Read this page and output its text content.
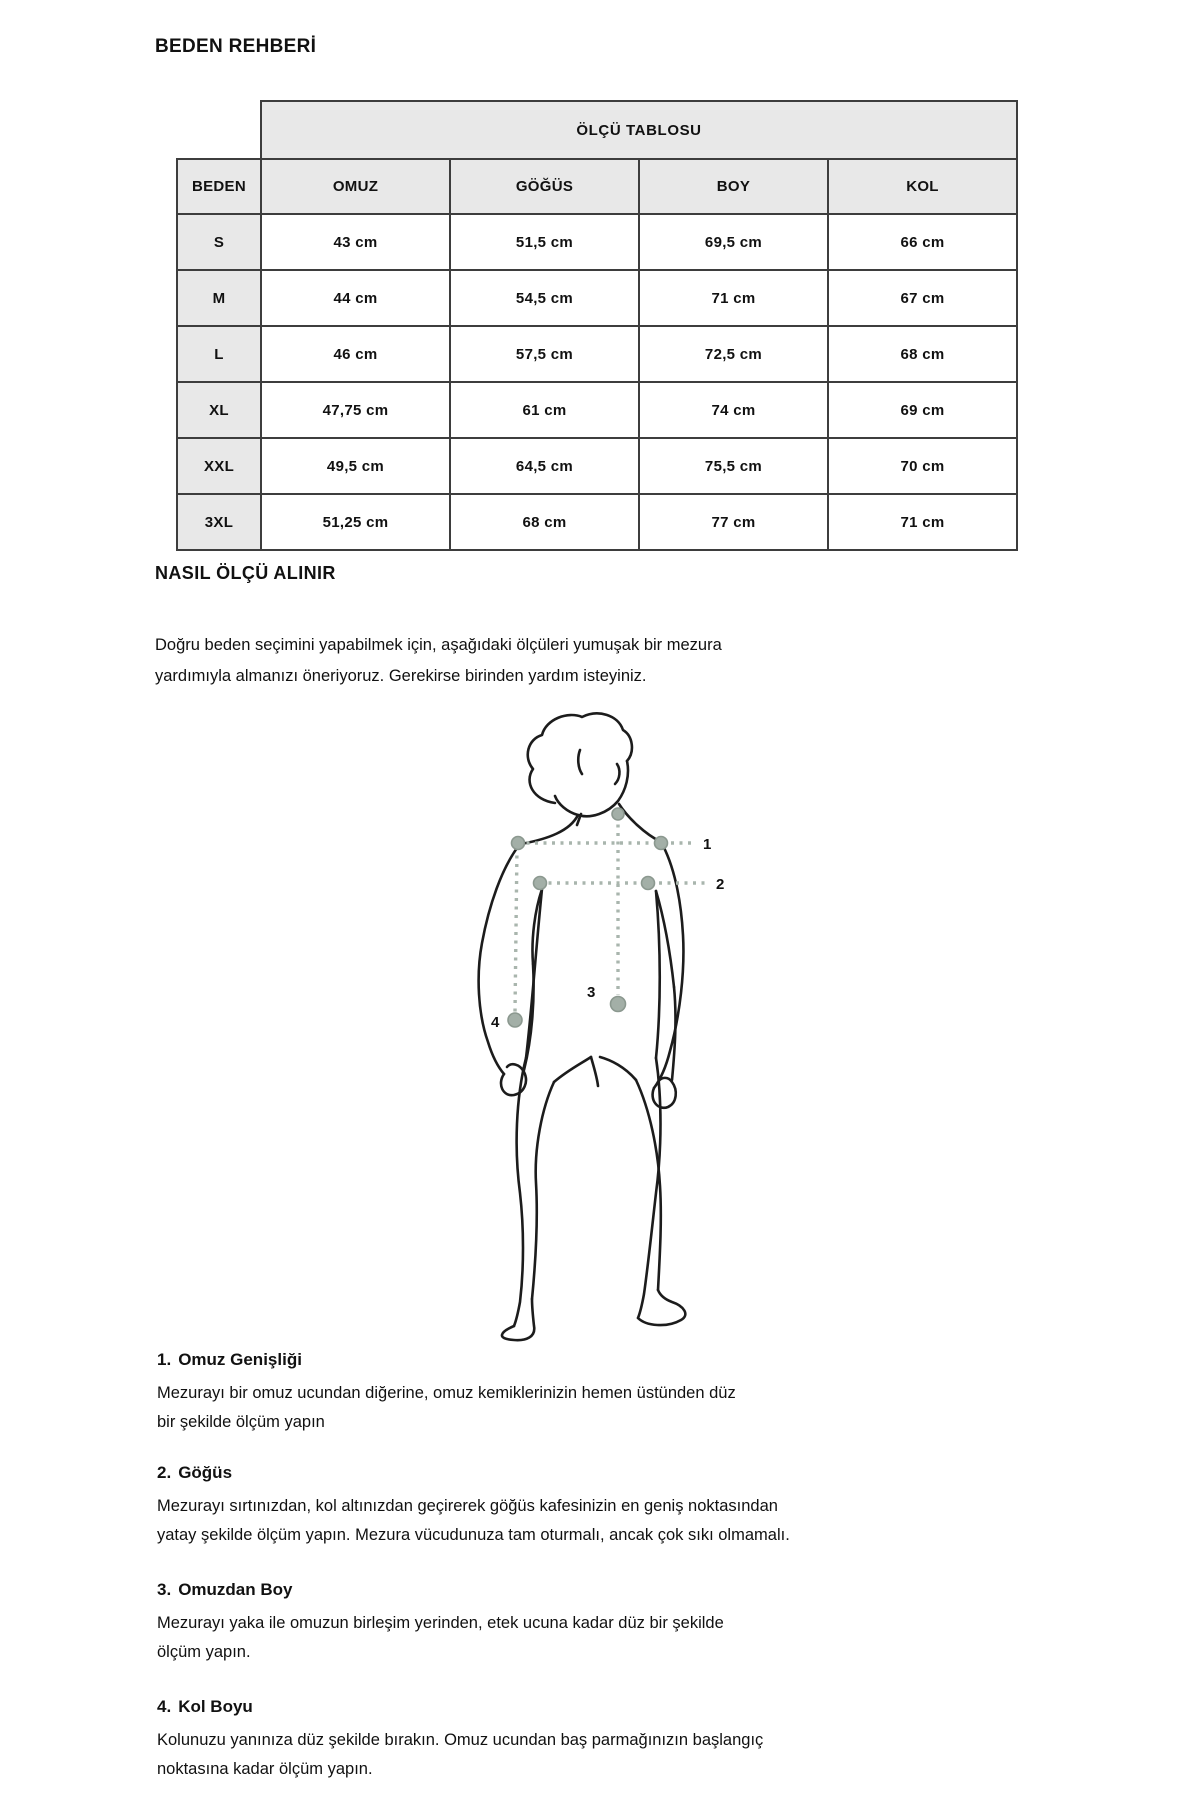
BEDEN REHBERİ
	ÖLÇÜ TABLOSU			
BEDEN	OMUZ	GÖĞÜS	BOY	KOL
S	43 cm	51,5 cm	69,5 cm	66 cm
M	44 cm	54,5 cm	71 cm	67 cm
L	46 cm	57,5 cm	72,5 cm	68 cm
XL	47,75 cm	61 cm	74 cm	69 cm
XXL	49,5 cm	64,5 cm	75,5 cm	70 cm
3XL	51,25 cm	68 cm	77 cm	71 cm
NASIL ÖLÇÜ ALINIR
Doğru beden seçimini yapabilmek için, aşağıdaki ölçüleri yumuşak bir mezura
yardımıyla almanızı öneriyoruz. Gerekirse birinden yardım isteyiniz.
1
2
3
4
1. Omuz Genişliği
Mezurayı bir omuz ucundan diğerine, omuz kemiklerinizin hemen üstünden düz
bir şekilde ölçüm yapın
2. Göğüs
Mezurayı sırtınızdan, kol altınızdan geçirerek göğüs kafesinizin en geniş noktasından
yatay şekilde ölçüm yapın. Mezura vücudunuza tam oturmalı, ancak çok sıkı olmamalı.
3. Omuzdan Boy
Mezurayı yaka ile omuzun birleşim yerinden, etek ucuna kadar düz bir şekilde
ölçüm yapın.
4. Kol Boyu
Kolunuzu yanınıza düz şekilde bırakın. Omuz ucundan baş parmağınızın başlangıç
noktasına kadar ölçüm yapın.
